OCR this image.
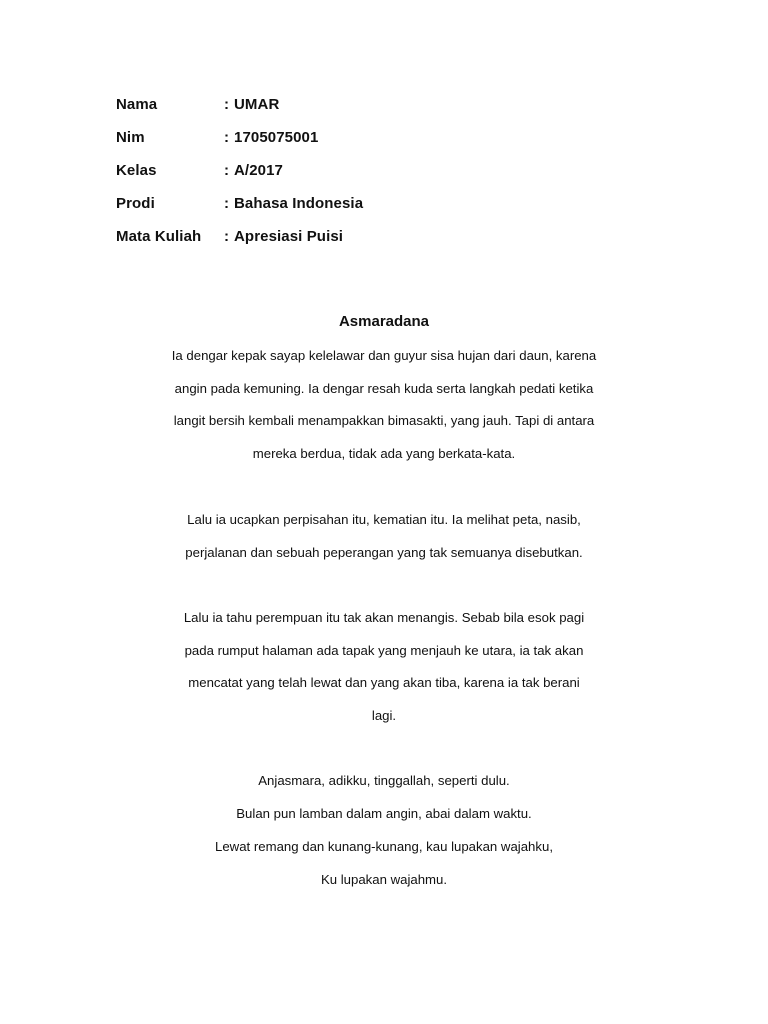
Nama	: UMAR
Nim	: 1705075001
Kelas	: A/2017
Prodi	: Bahasa Indonesia
Mata Kuliah	: Apresiasi Puisi
Asmaradana
Ia dengar kepak sayap kelelawar dan guyur sisa hujan dari daun, karena
angin pada kemuning. Ia dengar resah kuda serta langkah pedati ketika
langit bersih kembali menampakkan bimasakti, yang jauh. Tapi di antara
mereka berdua, tidak ada yang berkata-kata.
Lalu ia ucapkan perpisahan itu, kematian itu. Ia melihat peta, nasib,
perjalanan dan sebuah peperangan yang tak semuanya disebutkan.
Lalu ia tahu perempuan itu tak akan menangis. Sebab bila esok pagi
pada rumput halaman ada tapak yang menjauh ke utara, ia tak akan
mencatat yang telah lewat dan yang akan tiba, karena ia tak berani
lagi.
Anjasmara, adikku, tinggallah, seperti dulu.
Bulan pun lamban dalam angin, abai dalam waktu.
Lewat remang dan kunang-kunang, kau lupakan wajahku,
Ku lupakan wajahmu.
